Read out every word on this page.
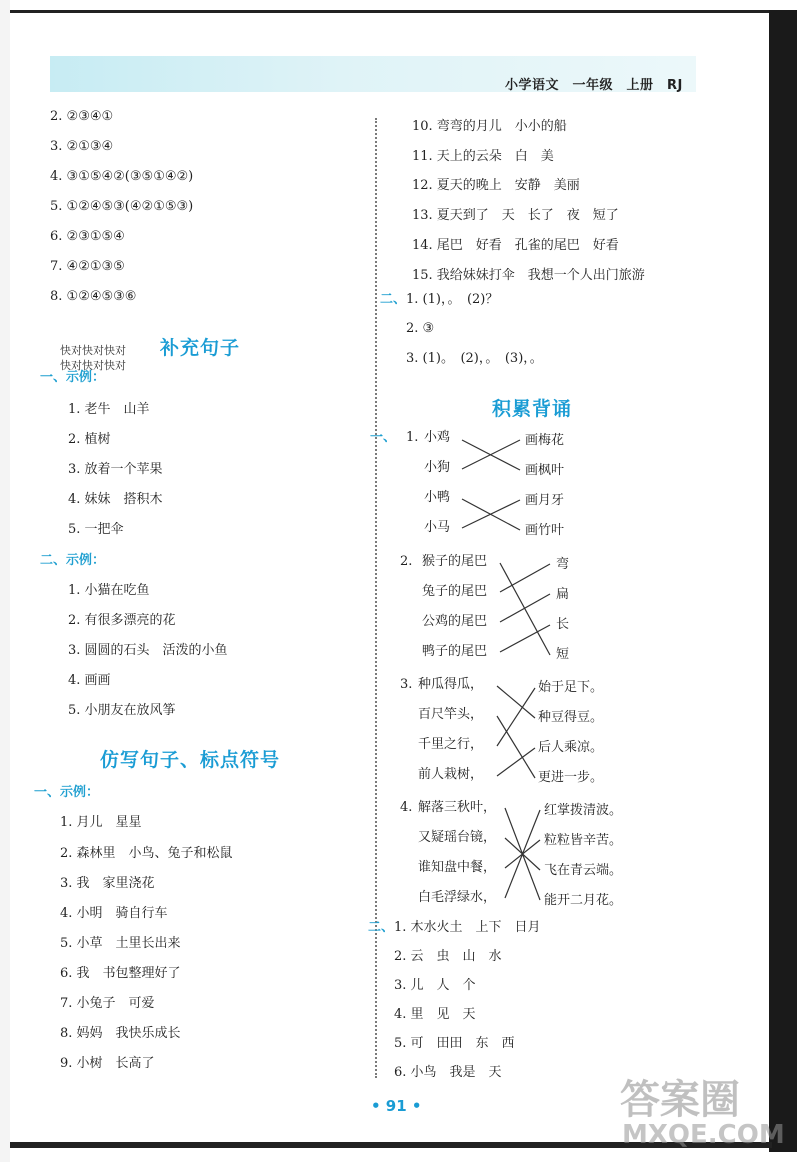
小学语文　一年级　上册　RJ
2. ②③④①
3. ②①③④
4. ③①⑤④②(③⑤①④②)
5. ①②④⑤③(④②①⑤③)
6. ②③①⑤④
7. ④②①③⑤
8. ①②④⑤③⑥
补充句子
快对快对快对
快对快对快对
一、示例：
1. 老牛　山羊
2. 植树
3. 放着一个苹果
4. 妹妹　搭积木
5. 一把伞
二、示例：
1. 小猫在吃鱼
2. 有很多漂亮的花
3. 圆圆的石头　活泼的小鱼
4. 画画
5. 小朋友在放风筝
仿写句子、标点符号
一、示例：
1. 月儿　星星
2. 森林里　小鸟、兔子和松鼠
3. 我　家里浇花
4. 小明　骑自行车
5. 小草　土里长出来
6. 我　书包整理好了
7. 小兔子　可爱
8. 妈妈　我快乐成长
9. 小树　长高了
10. 弯弯的月儿　小小的船
11. 天上的云朵　白　美
12. 夏天的晚上　安静　美丽
13. 夏天到了　天　长了　夜　短了
14. 尾巴　好看　孔雀的尾巴　好看
15. 我给妹妹打伞　我想一个人出门旅游
二、 1. (1)，。　(2)？
2. ③
3. (1)。　(2)，。　(3)，。
积累背诵
一、 1. 小鸡
小狗
小鸭
小马
画梅花
画枫叶
画月牙
画竹叶
2. 猴子的尾巴
兔子的尾巴
公鸡的尾巴
鸭子的尾巴
弯
扁
长
短
3. 种瓜得瓜，
百尺竿头，
千里之行，
前人栽树，
始于足下。
种豆得豆。
后人乘凉。
更进一步。
4. 解落三秋叶，
又疑瑶台镜，
谁知盘中餐，
白毛浮绿水，
红掌拨清波。
粒粒皆辛苦。
飞在青云端。
能开二月花。
二、 1. 木水火土　上下　日月
2. 云　虫　山　水
3. 儿　人　个
4. 里　见　天
5. 可　田田　东　西
6. 小鸟　我是　天
• 91 •	答案圈
MXQE.COM
